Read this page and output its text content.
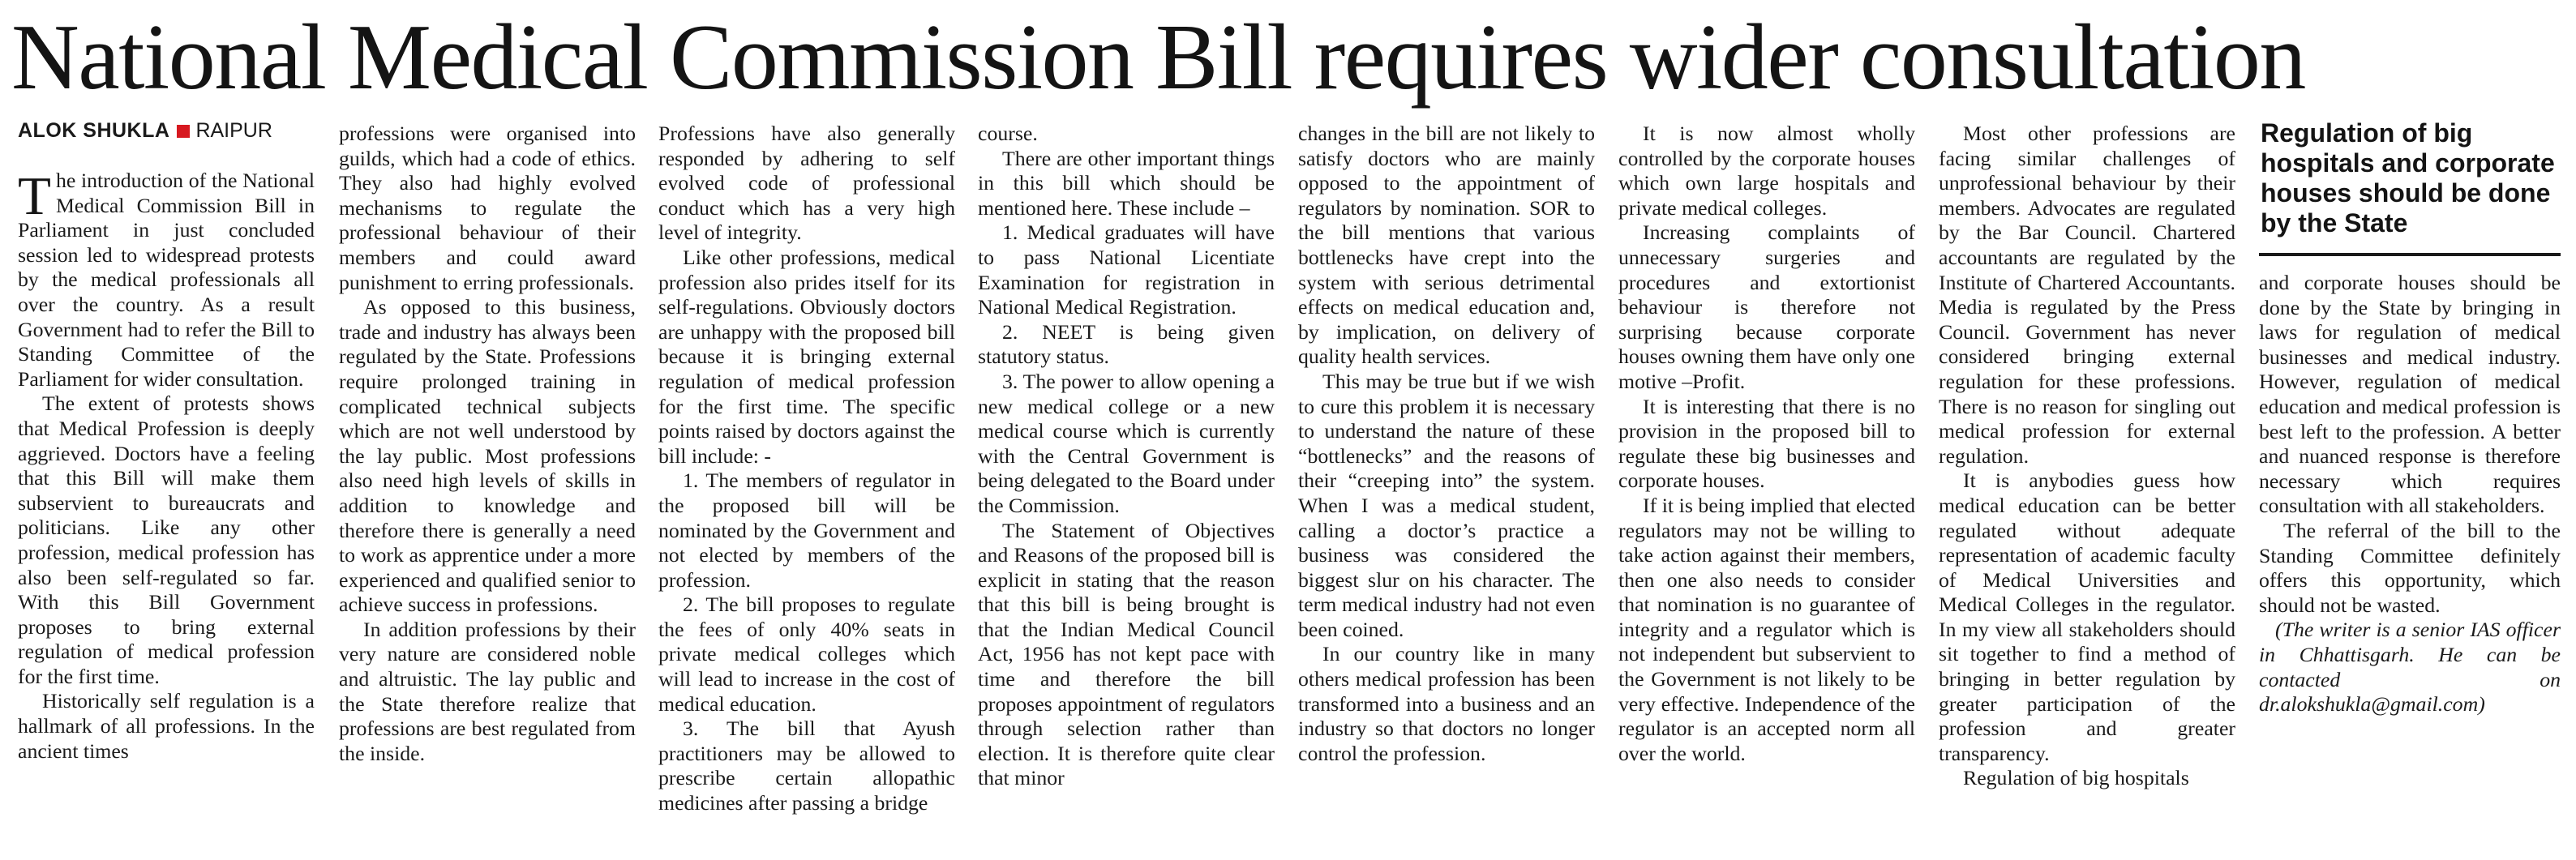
National Medical Commission Bill requires wider consultation
ALOK SHUKLA RAIPUR

The introduction of the National Medical Commission Bill in Parliament in just concluded session led to widespread protests by the medical professionals all over the country. As a result Government had to refer the Bill to Standing Committee of the Parliament for wider consultation.

The extent of protests shows that Medical Profession is deeply aggrieved. Doctors have a feeling that this Bill will make them subservient to bureaucrats and politicians. Like any other profession, medical profession has also been self-regulated so far. With this Bill Government proposes to bring external regulation of medical profession for the first time.

Historically self regulation is a hallmark of all professions. In the ancient times

professions were organised into guilds, which had a code of ethics. They also had highly evolved mechanisms to regulate the professional behaviour of their members and could award punishment to erring professionals.

As opposed to this business, trade and industry has always been regulated by the State. Professions require prolonged training in complicated technical subjects which are not well understood by the lay public. Most professions also need high levels of skills in addition to knowledge and therefore there is generally a need to work as apprentice under a more experienced and qualified senior to achieve success in professions.

In addition professions by their very nature are considered noble and altruistic. The lay public and the State therefore realize that professions are best regulated from the inside.

Professions have also generally responded by adhering to self evolved code of professional conduct which has a very high level of integrity.

Like other professions, medical profession also prides itself for its self-regulations. Obviously doctors are unhappy with the proposed bill because it is bringing external regulation of medical profession for the first time. The specific points raised by doctors against the bill include: -

1. The members of regulator in the proposed bill will be nominated by the Government and not elected by members of the profession.

2. The bill proposes to regulate the fees of only 40% seats in private medical colleges which will lead to increase in the cost of medical education.

3. The bill that Ayush practitioners may be allowed to prescribe certain allopathic medicines after passing a bridge

course.

There are other important things in this bill which should be mentioned here. These include –

1. Medical graduates will have to pass National Licentiate Examination for registration in National Medical Registration.

2. NEET is being given statutory status.

3. The power to allow opening a new medical college or a new medical course which is currently with the Central Government is being delegated to the Board under the Commission.

The Statement of Objectives and Reasons of the proposed bill is explicit in stating that the reason that this bill is being brought is that the Indian Medical Council Act, 1956 has not kept pace with time and therefore the bill proposes appointment of regulators through selection rather than election. It is therefore quite clear that minor

changes in the bill are not likely to satisfy doctors who are mainly opposed to the appointment of regulators by nomination. SOR to the bill mentions that various bottlenecks have crept into the system with serious detrimental effects on medical education and, by implication, on delivery of quality health services.

This may be true but if we wish to cure this problem it is necessary to understand the nature of these “bottlenecks” and the reasons of their “creeping into” the system. When I was a medical student, calling a doctor’s practice a business was considered the biggest slur on his character. The term medical industry had not even been coined.

In our country like in many others medical profession has been transformed into a business and an industry so that doctors no longer control the profession.

It is now almost wholly controlled by the corporate houses which own large hospitals and private medical colleges.

Increasing complaints of unnecessary surgeries and procedures and extortionist behaviour is therefore not surprising because corporate houses owning them have only one motive –Profit.

It is interesting that there is no provision in the proposed bill to regulate these big businesses and corporate houses.

If it is being implied that elected regulators may not be willing to take action against their members, then one also needs to consider that nomination is no guarantee of integrity and a regulator which is not independent but subservient to the Government is not likely to be very effective. Independence of the regulator is an accepted norm all over the world.

Most other professions are facing similar challenges of unprofessional behaviour by their members. Advocates are regulated by the Bar Council. Chartered accountants are regulated by the Institute of Chartered Accountants. Media is regulated by the Press Council. Government has never considered bringing external regulation for these professions. There is no reason for singling out medical profession for external regulation.

It is anybodies guess how medical education can be better regulated without adequate representation of academic faculty of Medical Universities and Medical Colleges in the regulator. In my view all stakeholders should sit together to find a method of bringing in better regulation by greater participation of the profession and greater transparency.

Regulation of big hospitals

Regulation of big hospitals and corporate houses should be done by the State

and corporate houses should be done by the State by bringing in laws for regulation of medical businesses and medical industry. However, regulation of medical education and medical profession is best left to the profession. A better and nuanced response is therefore necessary which requires consultation with all stakeholders.

The referral of the bill to the Standing Committee definitely offers this opportunity, which should not be wasted.

(The writer is a senior IAS officer in Chhattisgarh. He can be contacted on dr.alokshukla@gmail.com)
